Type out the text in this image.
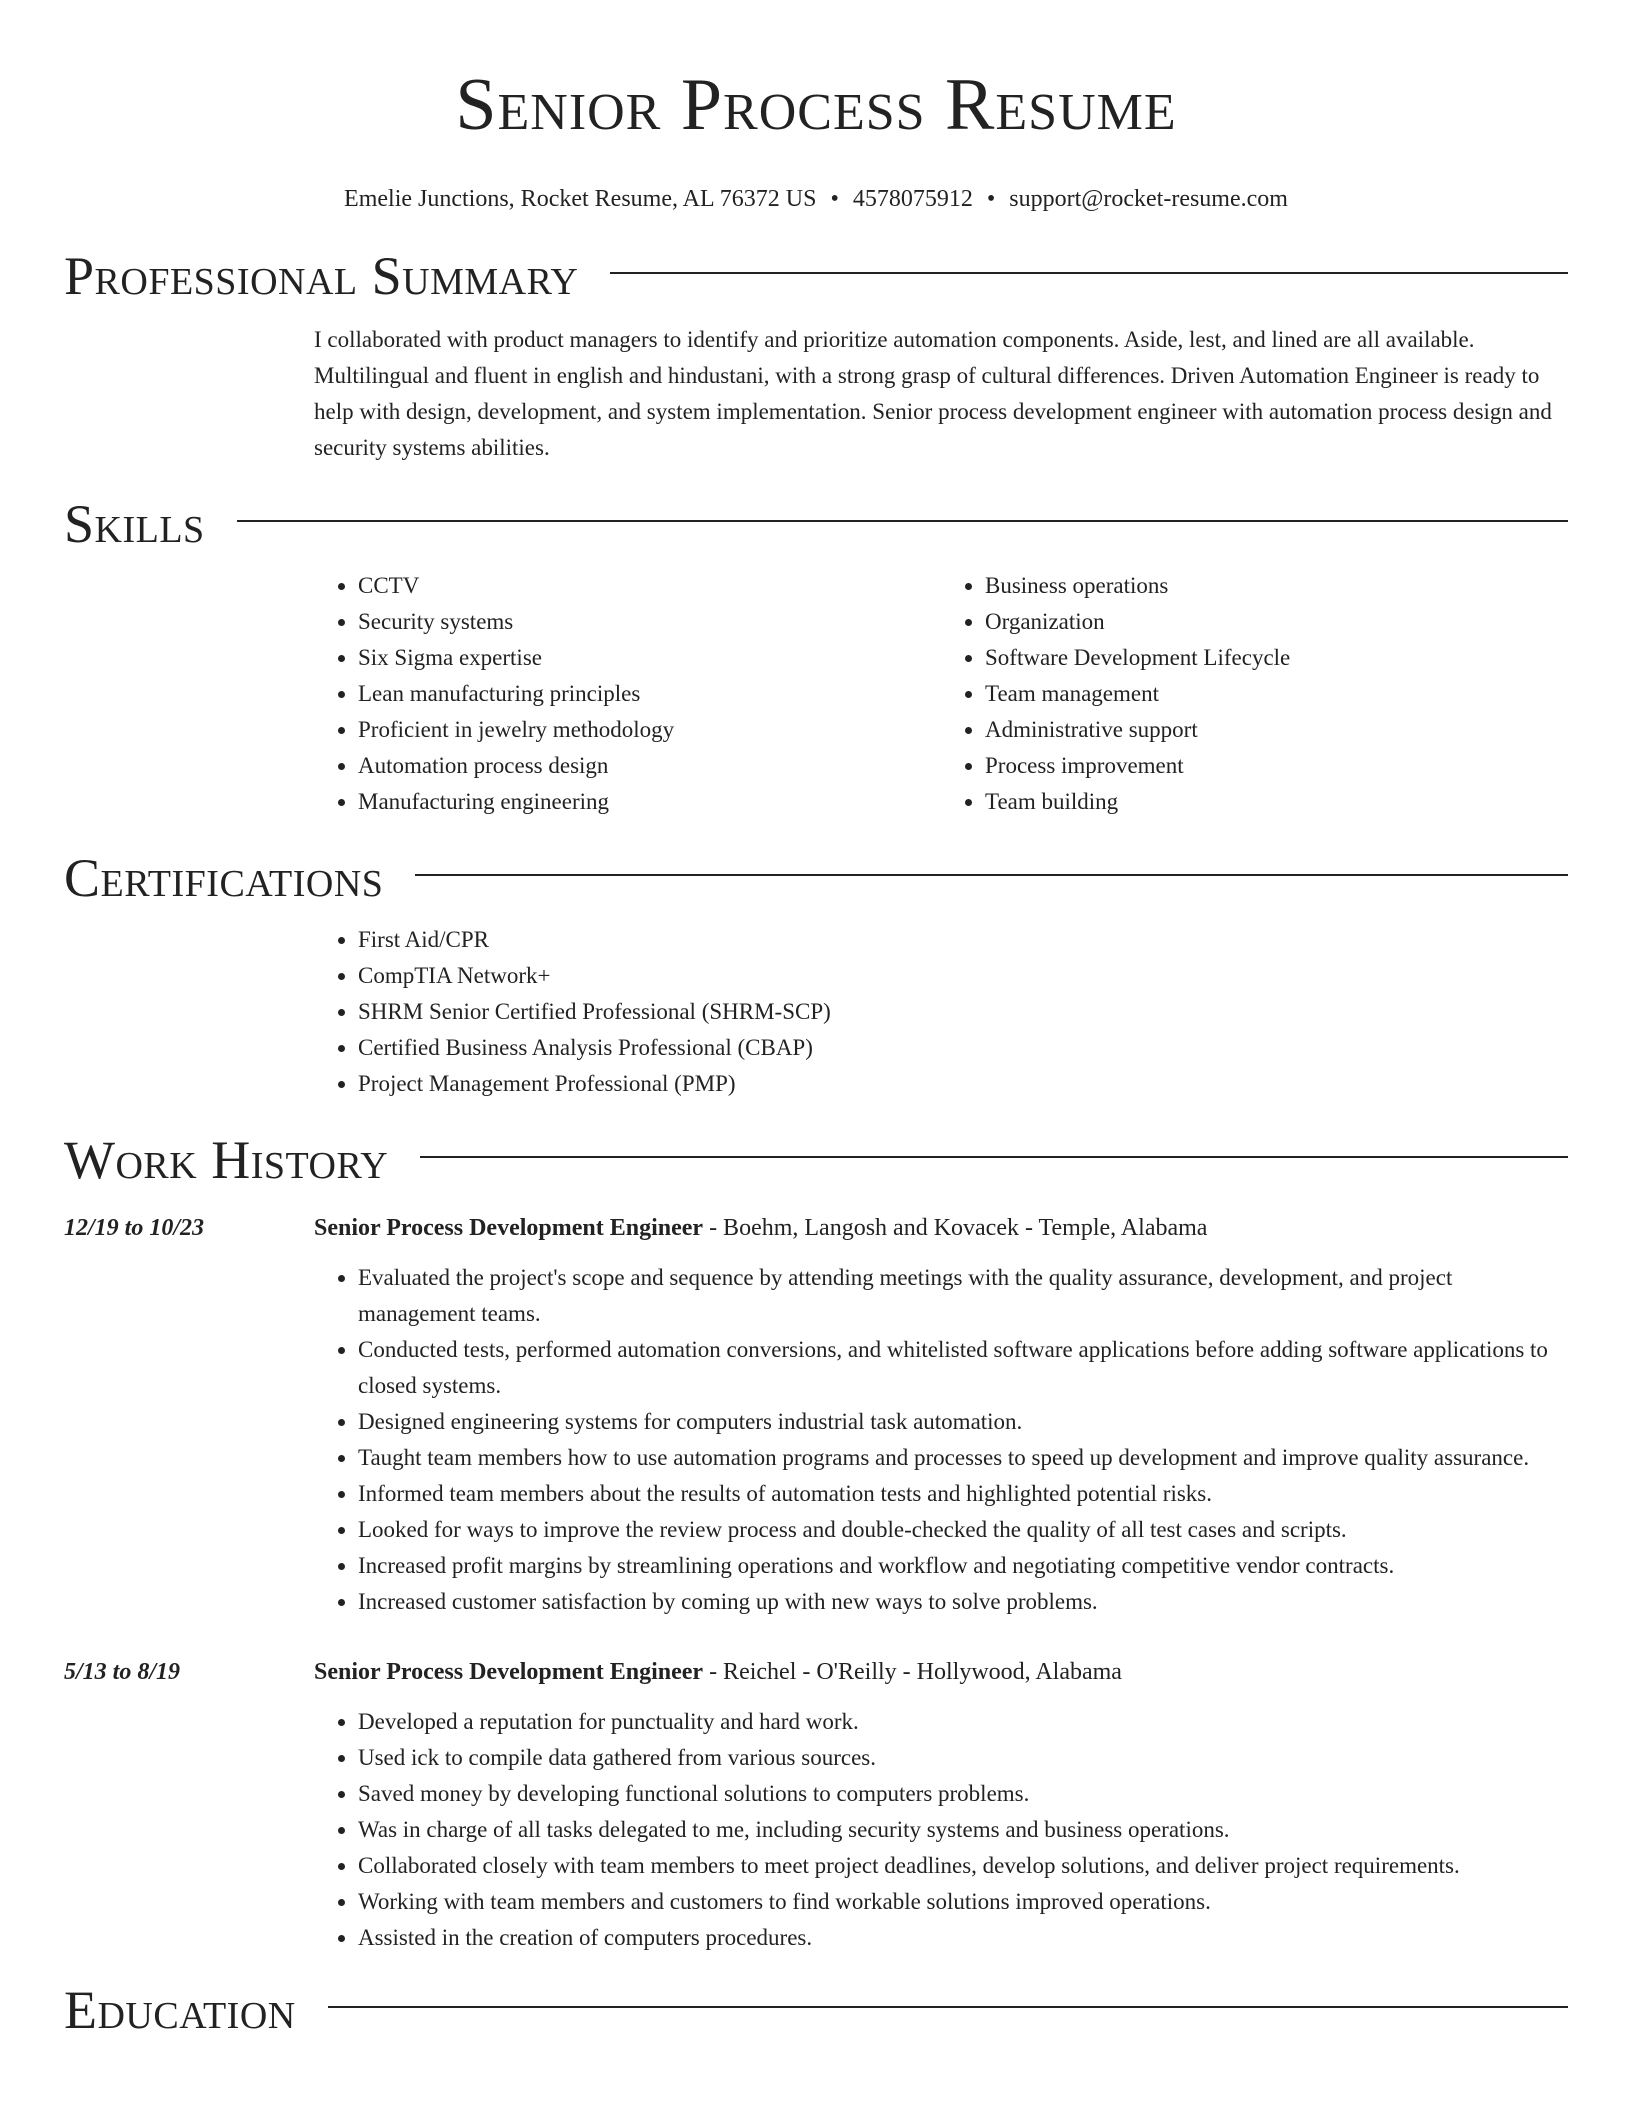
Senior Process Resume
Emelie Junctions, Rocket Resume, AL 76372 US • 4578075912 • support@rocket-resume.com
Professional Summary

I collaborated with product managers to identify and prioritize automation components. Aside, lest, and lined are all available. Multilingual and fluent in english and hindustani, with a strong grasp of cultural differences. Driven Automation Engineer is ready to help with design, development, and system implementation. Senior process development engineer with automation process design and security systems abilities.

Skills
• CCTV
• Security systems
• Six Sigma expertise
• Lean manufacturing principles
• Proficient in jewelry methodology
• Automation process design
• Manufacturing engineering
• Business operations
• Organization
• Software Development Lifecycle
• Team management
• Administrative support
• Process improvement
• Team building
Certifications
• First Aid/CPR
• CompTIA Network+
• SHRM Senior Certified Professional (SHRM-SCP)
• Certified Business Analysis Professional (CBAP)
• Project Management Professional (PMP)
Work History
12/19 to 10/23	Senior Process Development Engineer - Boehm, Langosh and Kovacek - Temple, Alabama
• Evaluated the project's scope and sequence by attending meetings with the quality assurance, development, and project management teams.
• Conducted tests, performed automation conversions, and whitelisted software applications before adding software applications to closed systems.
• Designed engineering systems for computers industrial task automation.
• Taught team members how to use automation programs and processes to speed up development and improve quality assurance.
• Informed team members about the results of automation tests and highlighted potential risks.
• Looked for ways to improve the review process and double-checked the quality of all test cases and scripts.
• Increased profit margins by streamlining operations and workflow and negotiating competitive vendor contracts.
• Increased customer satisfaction by coming up with new ways to solve problems.
5/13 to 8/19	Senior Process Development Engineer - Reichel - O'Reilly - Hollywood, Alabama
• Developed a reputation for punctuality and hard work.
• Used ick to compile data gathered from various sources.
• Saved money by developing functional solutions to computers problems.
• Was in charge of all tasks delegated to me, including security systems and business operations.
• Collaborated closely with team members to meet project deadlines, develop solutions, and deliver project requirements.
• Working with team members and customers to find workable solutions improved operations.
• Assisted in the creation of computers procedures.
Education
